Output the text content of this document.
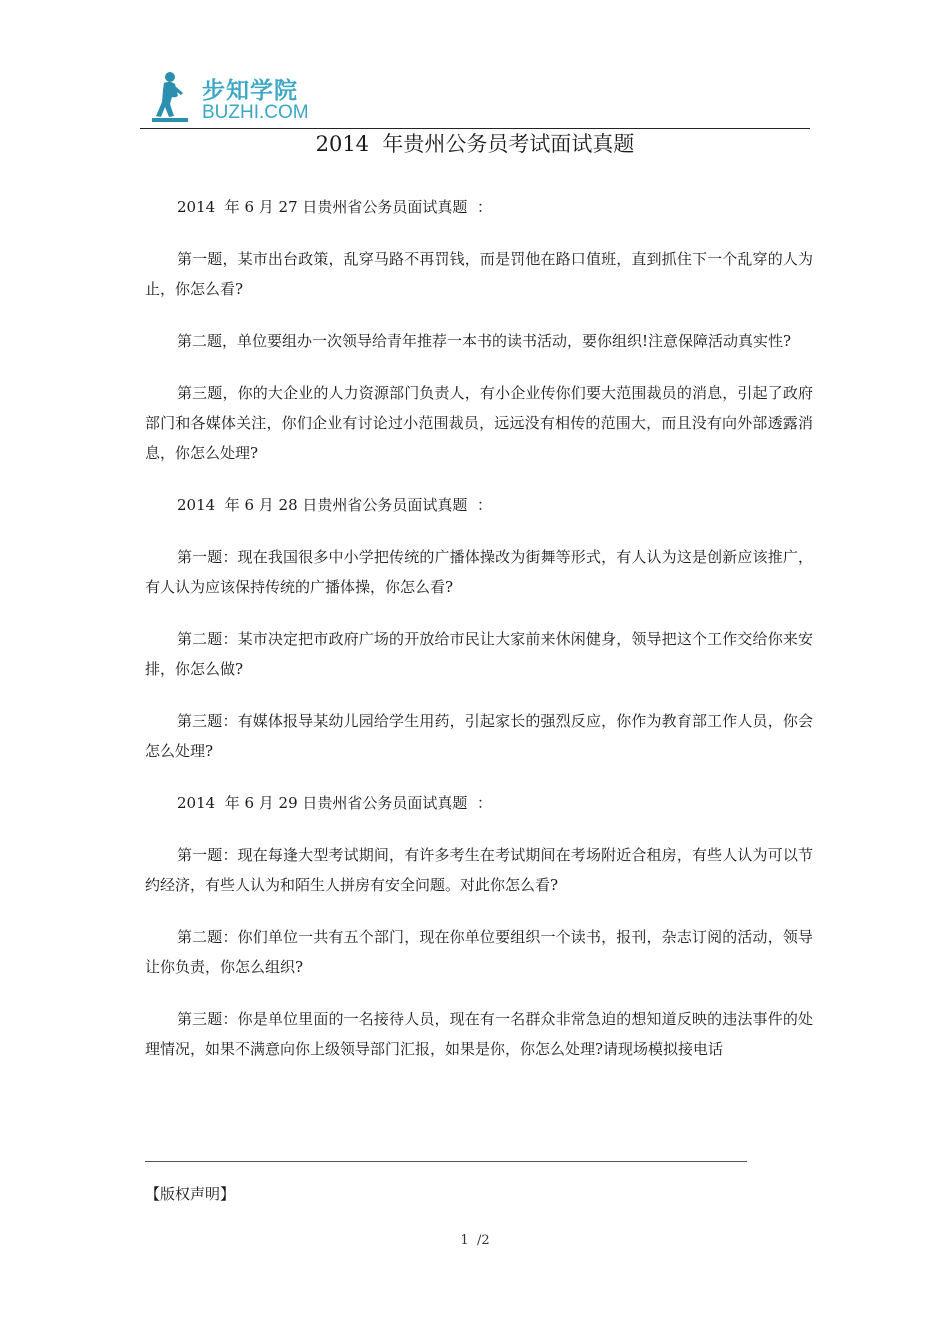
步知学院
BUZHI.COM
2014  年贵州公务员考试面试真题

2014  年 6 月 27 日贵州省公务员面试真题  ：

第一题，某市出台政策，乱穿马路不再罚钱，而是罚他在路口值班，直到抓住下一个乱穿的人为止，你怎么看?

第二题，单位要组办一次领导给青年推荐一本书的读书活动，要你组织!注意保障活动真实性?

第三题，你的大企业的人力资源部门负责人，有小企业传你们要大范围裁员的消息，引起了政府部门和各媒体关注，你们企业有讨论过小范围裁员，远远没有相传的范围大，而且没有向外部透露消息，你怎么处理?

2014  年 6 月 28 日贵州省公务员面试真题  ：

第一题：现在我国很多中小学把传统的广播体操改为街舞等形式，有人认为这是创新应该推广，有人认为应该保持传统的广播体操，你怎么看?

第二题：某市决定把市政府广场的开放给市民让大家前来休闲健身，领导把这个工作交给你来安排，你怎么做?

第三题：有媒体报导某幼儿园给学生用药，引起家长的强烈反应，你作为教育部工作人员，你会怎么处理?

2014  年 6 月 29 日贵州省公务员面试真题  ：

第一题：现在每逢大型考试期间，有许多考生在考试期间在考场附近合租房，有些人认为可以节约经济，有些人认为和陌生人拼房有安全问题。对此你怎么看?

第二题：你们单位一共有五个部门，现在你单位要组织一个读书，报刊，杂志订阅的活动，领导让你负责，你怎么组织?

第三题：你是单位里面的一名接待人员，现在有一名群众非常急迫的想知道反映的违法事件的处理情况，如果不满意向你上级领导部门汇报，如果是你，你怎么处理?请现场模拟接电话

【版权声明】
1  /2
